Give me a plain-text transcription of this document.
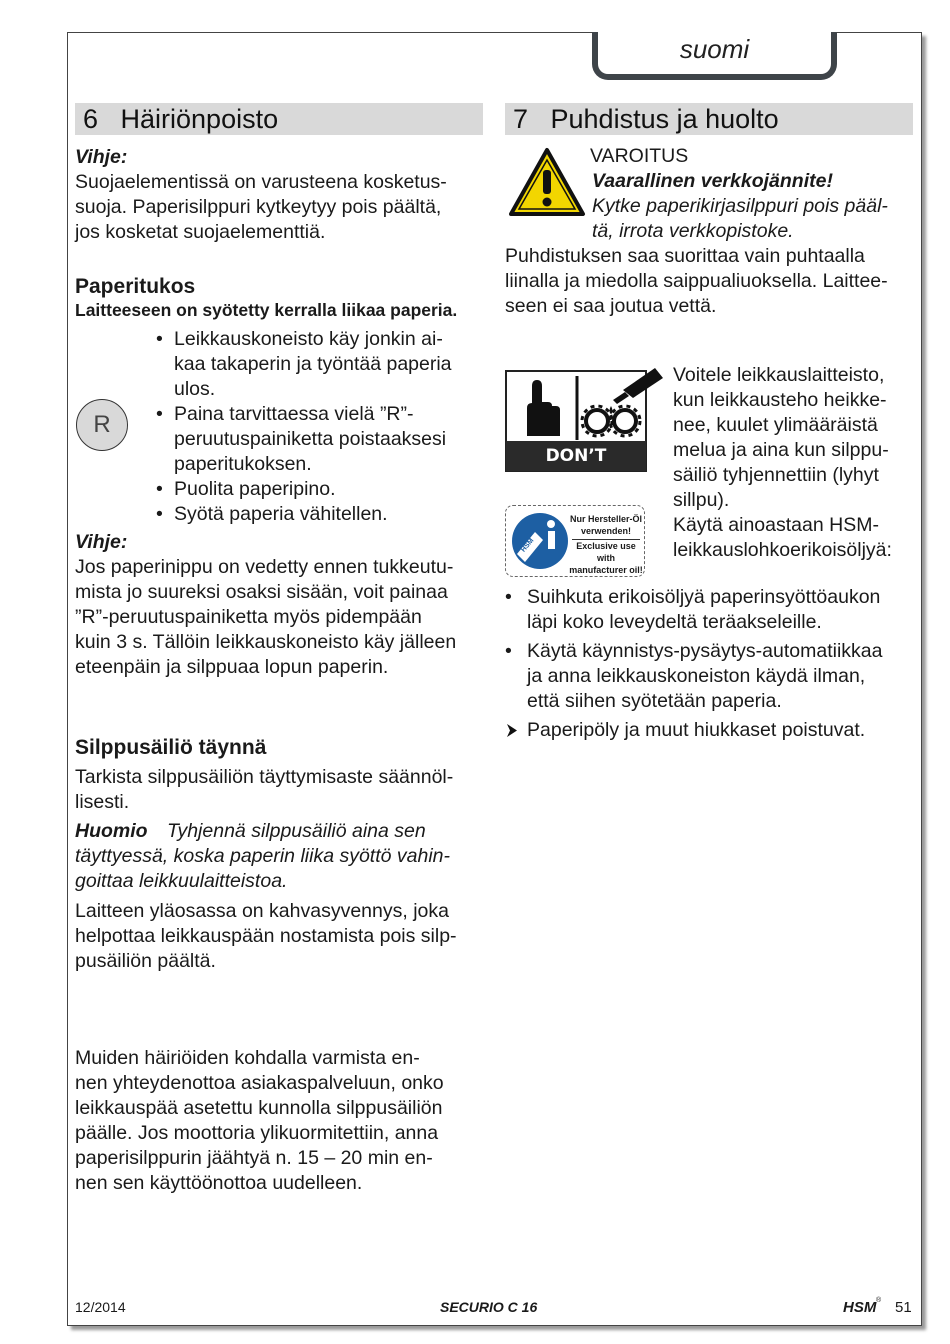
suomi
6 Häiriönpoisto

Vihje:

Suojaelementissä on varusteena kosketus-
suoja. Paperisilppuri kytkeytyy pois päältä,
jos kosketat suojaelementtiä.

Paperitukos

Laitteeseen on syötetty kerralla liikaa paperia.

R
• Leikkauskoneisto käy jonkin ai-
kaa takaperin ja työntää paperia
ulos.
• Paina tarvittaessa vielä ”R”-
peruutuspainiketta poistaaksesi
paperitukoksen.
• Puolita paperipino.
• Syötä paperia vähitellen.

Vihje:

Jos paperinippu on vedetty ennen tukkeutu-
mista jo suureksi osaksi sisään, voit painaa
”R”-peruutuspainiketta myös pidempään
kuin 3 s. Tällöin leikkauskoneisto käy jälleen
eteenpäin ja silppuaa lopun paperin.

Silppusäiliö täynnä

Tarkista silppusäiliön täyttymisaste säännöl-
lisesti.
Huomio Tyhjennä silppusäiliö aina sen
täyttyessä, koska paperin liika syöttö vahin-
goittaa leikkuulaitteistoa.
Laitteen yläosassa on kahvasyvennys, joka
helpottaa leikkauspään nostamista pois silp-
pusäiliön päältä.
Muiden häiriöiden kohdalla varmista en-
nen yhteydenottoa asiakaspalveluun, onko
leikkauspää asetettu kunnolla silppusäiliön
päälle. Jos moottoria ylikuormitettiin, anna
paperisilppurin jäähtyä n. 15 – 20 min en-
nen sen käyttöönottoa uudelleen.
7 Puhdistus ja huolto

VAROITUS

Vaarallinen verkkojännite!

Kytke paperikirjasilppuri pois pääl-
tä, irrota verkkopistoke.
Puhdistuksen saa suorittaa vain puhtaalla
liinalla ja miedolla saippualiuoksella. Laittee-
seen ei saa joutua vettä.
DON’T FORGET
HSM
Nur Hersteller-Öl
verwenden!
Exclusive use with
manufacturer oil!
Voitele leikkauslaitteisto,
kun leikkausteho heikke-
nee, kuulet ylimääräistä
melua ja aina kun silppu-
säiliö tyhjennettiin (lyhyt
sillpu).
Käytä ainoastaan HSM-
leikkauslohkoerikoisöljyä:
• Suihkuta erikoisöljyä paperinsyöttöaukon
läpi koko leveydeltä teräakseleille.
• Käytä käynnistys-pysäytys-automatiikkaa
ja anna leikkauskoneiston käydä ilman,
että siihen syötetään paperia.
Paperipöly ja muut hiukkaset poistuvat.
12/2014	SECURIO C 16	HSM ® 51
